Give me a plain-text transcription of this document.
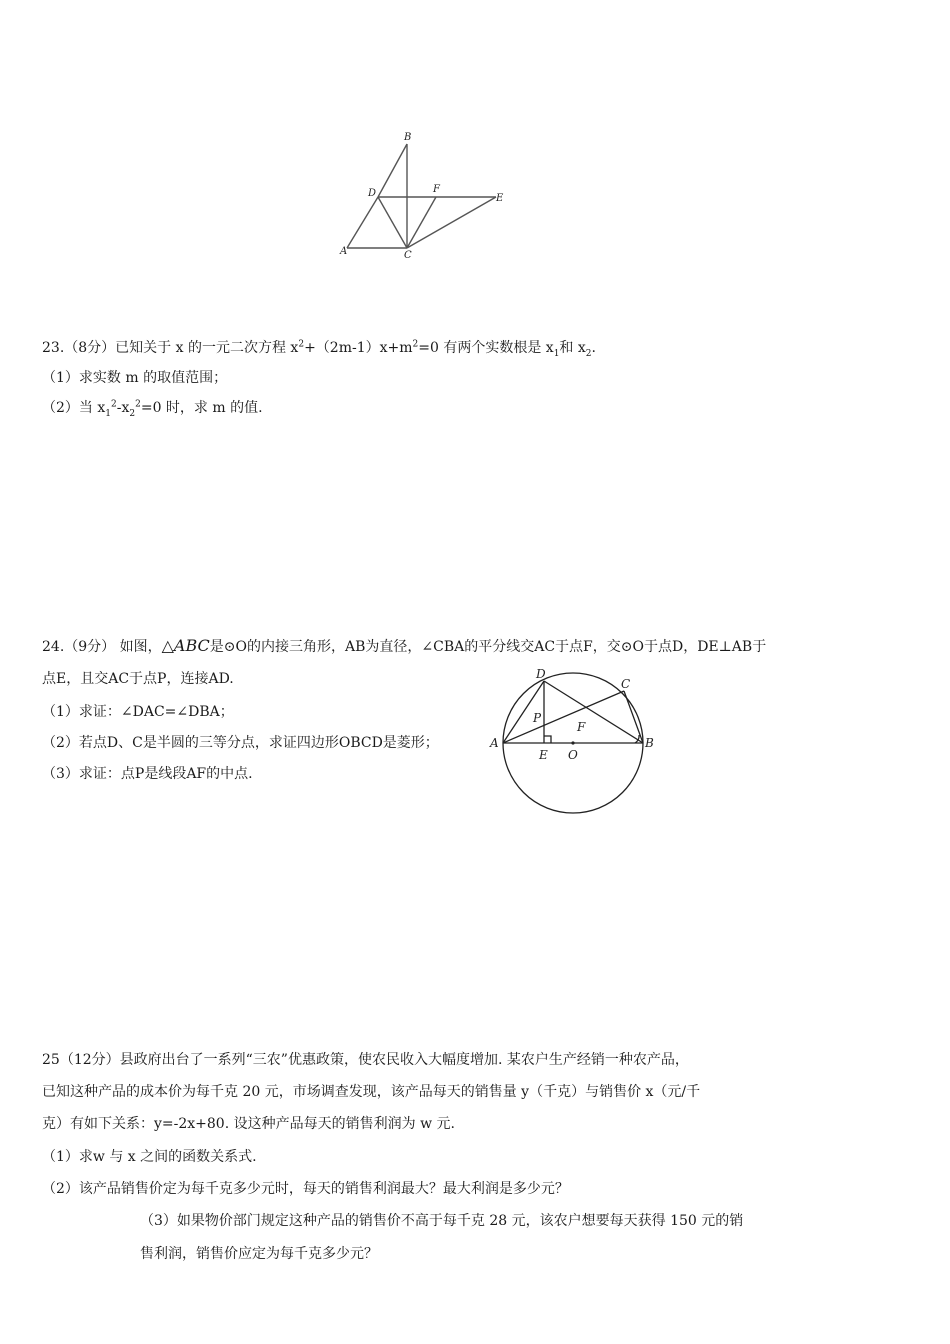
B
D	F
E
A	C
23.（8分）已知关于 x 的一元二次方程 $x^2+(2m-1)x+m^2=0$ 有两个实数根是 $x_1$和 $x_2$.
（1）求实数 m 的取值范围；
（2）当 $x_1^2-x_2^2=0$ 时，求 m 的值.
24.（9分） 如图，△ABC是⊙O的内接三角形，AB为直径，∠CBA的平分线交AC于点F，交⊙O于点D，DE⊥AB于
点E，且交AC于点P，连接AD.
（1）求证：∠DAC=∠DBA；
（2）若点D、C是半圆的三等分点，求证四边形OBCD是菱形；
（3）求证：点P是线段AF的中点.
D
C
P
F
A	B
E O
25（12分）县政府出台了一系列“三农”优惠政策，使农民收入大幅度增加. 某农户生产经销一种农产品，
已知这种产品的成本价为每千克 20 元，市场调查发现，该产品每天的销售量 y（千克）与销售价 x（元/千
克）有如下关系：y=-2x+80. 设这种产品每天的销售利润为 w 元.
（1）求w 与 x 之间的函数关系式.
（2）该产品销售价定为每千克多少元时，每天的销售利润最大？最大利润是多少元？
（3）如果物价部门规定这种产品的销售价不高于每千克 28 元，该农户想要每天获得 150 元的销
售利润，销售价应定为每千克多少元？
